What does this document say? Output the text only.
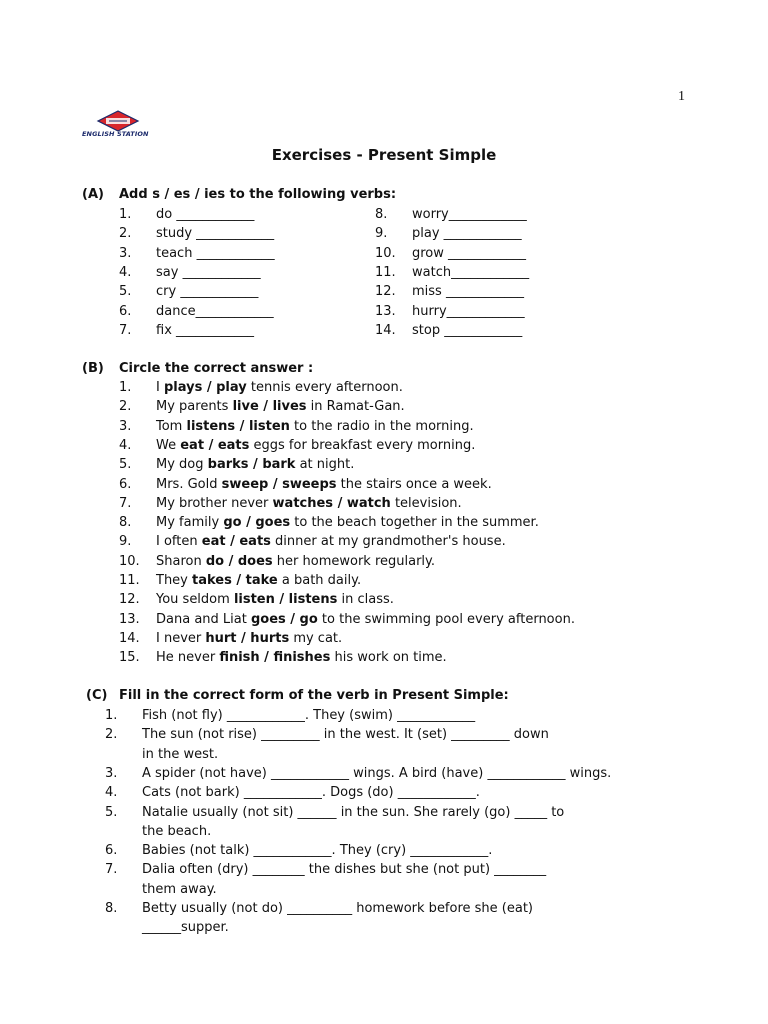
1
ENGLISH STATION
Exercises - Present Simple
(A) Add s / es / ies to the following verbs:
1. do ____________
2. study ____________
3. teach ____________
4. say ____________
5. cry ____________
6. dance____________
7. fix ____________
8. worry____________
9. play ____________
10. grow ____________
11. watch____________
12. miss ____________
13. hurry____________
14. stop ____________
(B) Circle the correct answer :
1. I plays / play tennis every afternoon.
2. My parents live / lives in Ramat-Gan.
3. Tom listens / listen to the radio in the morning.
4. We eat / eats eggs for breakfast every morning.
5. My dog barks / bark at night.
6. Mrs. Gold sweep / sweeps the stairs once a week.
7. My brother never watches / watch television.
8. My family go / goes to the beach together in the summer.
9. I often eat / eats dinner at my grandmother's house.
10. Sharon do / does her homework regularly.
11. They takes / take a bath daily.
12. You seldom listen / listens in class.
13. Dana and Liat goes / go to the swimming pool every afternoon.
14. I never hurt / hurts my cat.
15. He never finish / finishes his work on time.
(C) Fill in the correct form of the verb in Present Simple:
1. Fish (not fly) ____________. They (swim) ____________
2. The sun (not rise) _________ in the west. It (set) _________ down
in the west.
3. A spider (not have) ____________ wings. A bird (have) ____________ wings.
4. Cats (not bark) ____________. Dogs (do) ____________.
5. Natalie usually (not sit) ______ in the sun. She rarely (go) _____ to
the beach.
6. Babies (not talk) ____________. They (cry) ____________.
7. Dalia often (dry) ________ the dishes but she (not put) ________
them away.
8. Betty usually (not do) __________ homework before she (eat)
______supper.
